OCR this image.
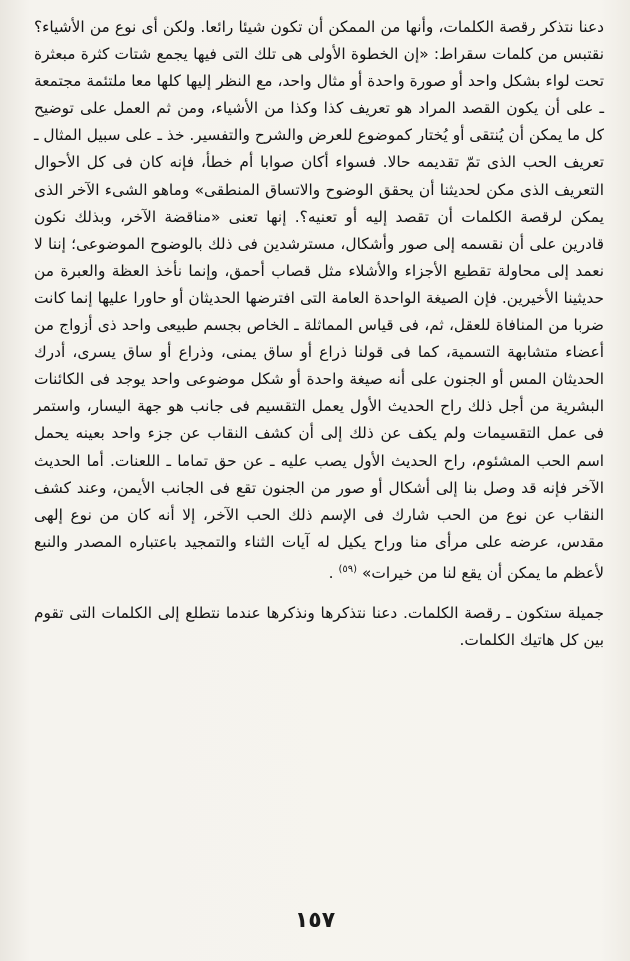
دعنا نتذكر رقصة الكلمات، وأنها من الممكن أن تكون شيئا رائعا. ولكن أى نوع من الأشياء؟ نقتبس من كلمات سقراط: «إن الخطوة الأولى هى تلك التى فيها يجمع شتات كثرة مبعثرة تحت لواء بشكل واحد أو صورة واحدة أو مثال واحد، مع النظر إليها كلها معا ملتئمة مجتمعة ـ على أن يكون القصد المراد هو تعريف كذا وكذا من الأشياء، ومن ثم العمل على توضيح كل ما يمكن أن يُنتقى أو يُختار كموضوع للعرض والشرح والتفسير. خذ ـ على سبيل المثال ـ تعريف الحب الذى تمّ تقديمه حالا. فسواء أكان صوابا أم خطأ، فإنه كان فى كل الأحوال التعريف الذى مكن لحديثنا أن يحقق الوضوح والاتساق المنطقى» وماهو الشىء الآخر الذى يمكن لرقصة الكلمات أن تقصد إليه أو تعنيه؟. إنها تعنى «مناقضة الآخر، وبذلك نكون قادرين على أن نقسمه إلى صور وأشكال، مسترشدين فى ذلك بالوضوح الموضوعى؛ إننا لا نعمد إلى محاولة تقطيع الأجزاء والأشلاء مثل قصاب أحمق، وإنما نأخذ العظة والعبرة من حديثينا الأخيرين. فإن الصيغة الواحدة العامة التى افترضها الحديثان أو حاورا عليها إنما كانت ضربا من المنافاة للعقل، ثم، فى قياس المماثلة ـ الخاص بجسم طبيعى واحد ذى أزواج من أعضاء متشابهة التسمية، كما فى قولنا ذراع أو ساق يمنى، وذراع أو ساق يسرى، أدرك الحديثان المس أو الجنون على أنه صيغة واحدة أو شكل موضوعى واحد يوجد فى الكائنات البشرية من أجل ذلك راح الحديث الأول يعمل التقسيم فى جانب هو جهة اليسار، واستمر فى عمل التقسيمات ولم يكف عن ذلك إلى أن كشف النقاب عن جزء واحد بعينه يحمل اسم الحب المشئوم، راح الحديث الأول يصب عليه ـ عن حق تماما ـ اللعنات. أما الحديث الآخر فإنه قد وصل بنا إلى أشكال أو صور من الجنون تقع فى الجانب الأيمن، وعند كشف النقاب عن نوع من الحب شارك فى الإسم ذلك الحب الآخر، إلا أنه كان من نوع إلهى مقدس، عرضه على مرأى منا وراح يكيل له آيات الثناء والتمجيد باعتباره المصدر والنبع لأعظم ما يمكن أن يقع لنا من خيرات» $^{(٥٩)}$ .

جميلة ستكون ـ رقصة الكلمات. دعنا نتذكرها ونذكرها عندما نتطلع إلى الكلمات التى تقوم بين كل هاتيك الكلمات.

١٥٧
